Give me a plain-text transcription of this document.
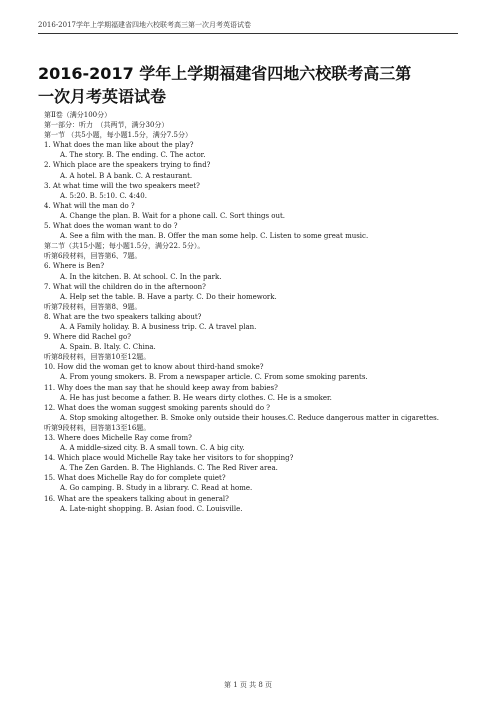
2016-2017学年上学期福建省四地六校联考高三第一次月考英语试卷
2016-2017 学年上学期福建省四地六校联考高三第
一次月考英语试卷
第Ⅱ卷（满分100分）
第一部分：听力　（共两节，满分30分）
第一节 （共5小题，每小题1.5分，满分7.5分）
1. What does the man like about the play?
A. The story. B. The ending. C. The actor.
2. Which place are the speakers trying to find?
A. A hotel. B A bank. C. A restaurant.
3. At what time will the two speakers meet?
A. 5:20. B. 5:10. C. 4:40.
4. What will the man do ?
A. Change the plan. B. Wait for a phone call. C. Sort things out.
5. What does the woman want to do ?
A. See a film with the man. B. Offer the man some help. C. Listen to some great music.
第二节（共15小题；每小题1.5分，满分22. 5分）。
听第6段材料，回答第6、7题。
6. Where is Ben?
A. In the kitchen. B. At school. C. In the park.
7. What will the children do in the afternoon?
A. Help set the table. B. Have a party. C. Do their homework.
听第7段材料，回答第8、9题。
8. What are the two speakers talking about?
A. A Family holiday. B. A business trip. C. A travel plan.
9. Where did Rachel go?
A. Spain. B. Italy. C. China.
听第8段材料，回答第10至12题。
10. How did the woman get to know about third-hand smoke?
A. From young smokers. B. From a newspaper article. C. From some smoking parents.
11. Why does the man say that he should keep away from babies?
A. He has just become a father. B. He wears dirty clothes. C. He is a smoker.
12. What does the woman suggest smoking parents should do ?
A. Stop smoking altogether. B. Smoke only outside their houses.C. Reduce dangerous matter in cigarettes.
听第9段材料，回答第13至16题。
13. Where does Michelle Ray come from?
A. A middle-sized city. B. A small town. C. A big city.
14. Which place would Michelle Ray take her visitors to for shopping?
A. The Zen Garden. B. The Highlands. C. The Red River area.
15. What does Michelle Ray do for complete quiet?
A. Go camping. B. Study in a library. C. Read at home.
16. What are the speakers talking about in general?
A. Late-night shopping. B. Asian food. C. Louisville.
第 1 页 共 8 页
